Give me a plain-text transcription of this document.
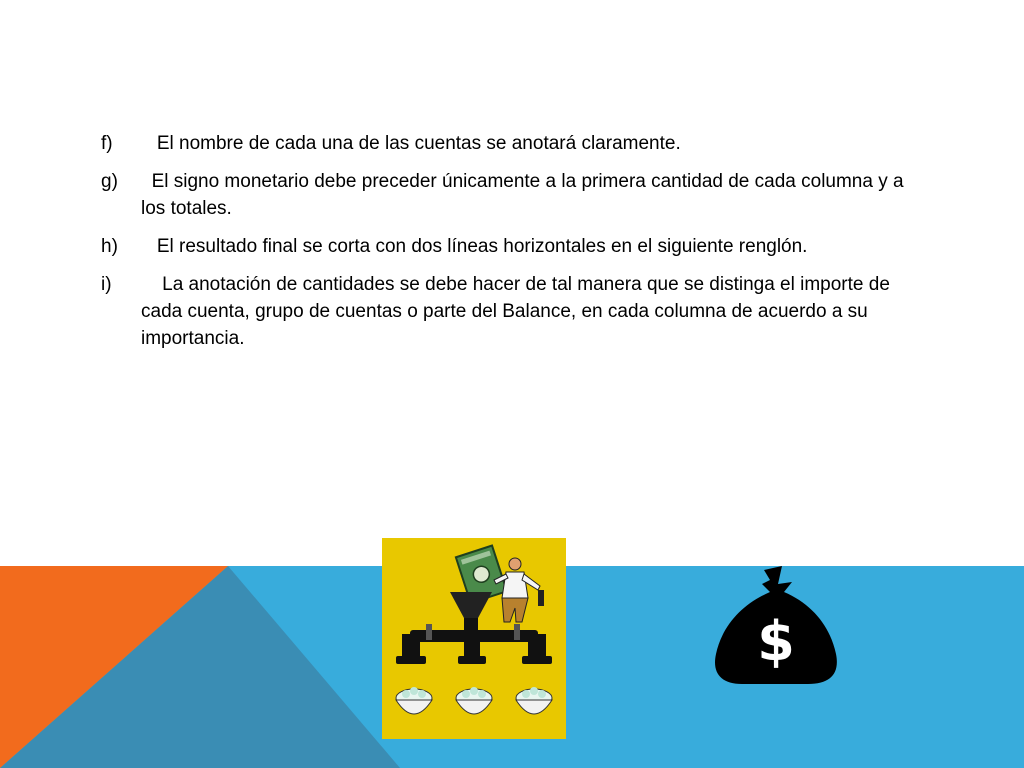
f) El nombre de cada una de las cuentas se anotará claramente.
g) El signo monetario debe preceder únicamente a la primera cantidad de cada columna y a los totales.
h) El resultado final se corta con dos líneas horizontales en el siguiente renglón.
i) La anotación de cantidades se debe hacer de tal manera que se distinga el importe de cada cuenta, grupo de cuentas o parte del Balance, en cada columna de acuerdo a su importancia.
$
